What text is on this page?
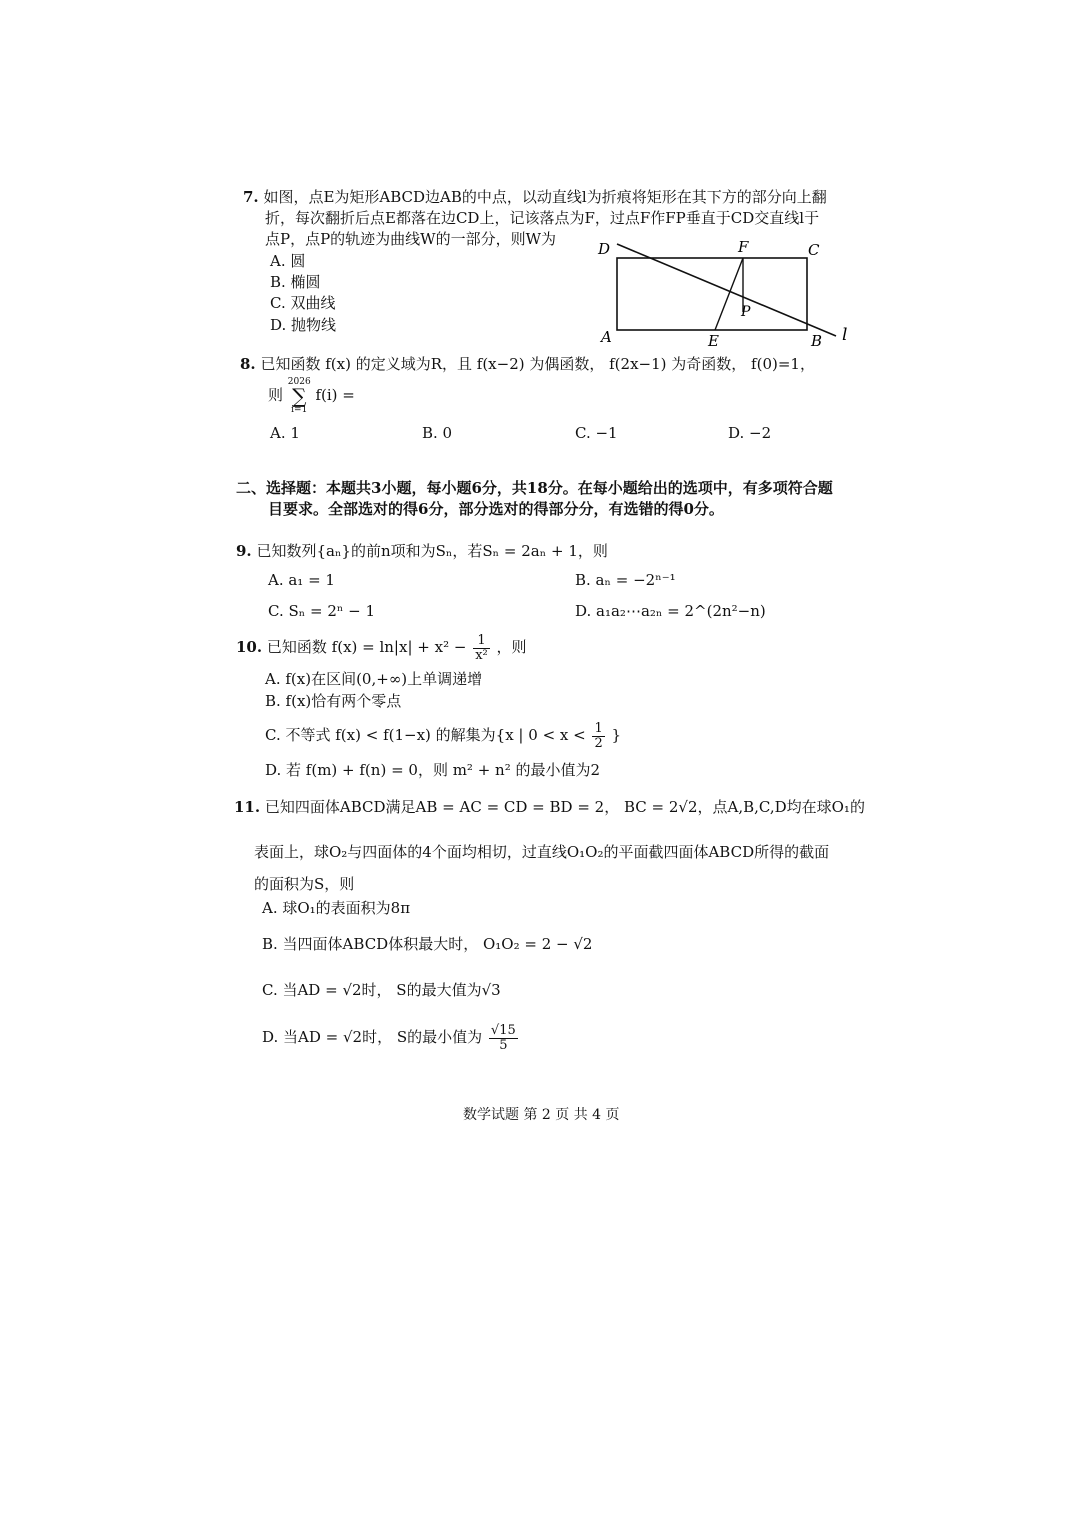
7. 如图，点E为矩形ABCD边AB的中点，以动直线l为折痕将矩形在其下方的部分向上翻
折，每次翻折后点E都落在边CD上，记该落点为F，过点F作FP垂直于CD交直线l于
点P，点P的轨迹为曲线W的一部分，则W为
A. 圆
B. 椭圆
C. 双曲线
D. 抛物线
D	F	C
P
A	E	B l
8. 已知函数 f(x) 的定义域为R，且 f(x−2) 为偶函数， f(2x−1) 为奇函数， f(0)=1，
则 2026
∑
i=1 f(i) =
A. 1	B. 0	C. −1	D. −2
二、选择题：本题共3小题，每小题6分，共18分。在每小题给出的选项中，有多项符合题
目要求。全部选对的得6分，部分选对的得部分分，有选错的得0分。
9. 已知数列{aₙ}的前n项和为Sₙ，若Sₙ = 2aₙ + 1，则
A. a₁ = 1	B. aₙ = −2ⁿ⁻¹
C. Sₙ = 2ⁿ − 1	D. a₁a₂⋯a₂ₙ = 2^(2n²−n)
10. 已知函数 $f(x) = \ln|x| + x^2 - \frac{1}{\text{x²}}$ ，则
A. f(x)在区间(0,+∞)上单调递增
B. f(x)恰有两个零点
C. 不等式 f(x) < f(1−x) 的解集为{x | $0 < x < \frac{1}{2}$ }
D. 若 f(m) + f(n) = 0，则 m² + n² 的最小值为2
11. 已知四面体ABCD满足AB = AC = CD = BD = 2， BC = 2√2，点A,B,C,D均在球O₁的
表面上，球O₂与四面体的4个面均相切，过直线O₁O₂的平面截四面体ABCD所得的截面
的面积为S，则
A. 球O₁的表面积为8π
B. 当四面体ABCD体积最大时， O₁O₂ = 2 − √2
C. 当AD = √2时， S的最大值为√3
D. 当AD = √2时， S的最小值为 $\frac{√15}{5}$
数学试题 第 2 页 共 4 页
